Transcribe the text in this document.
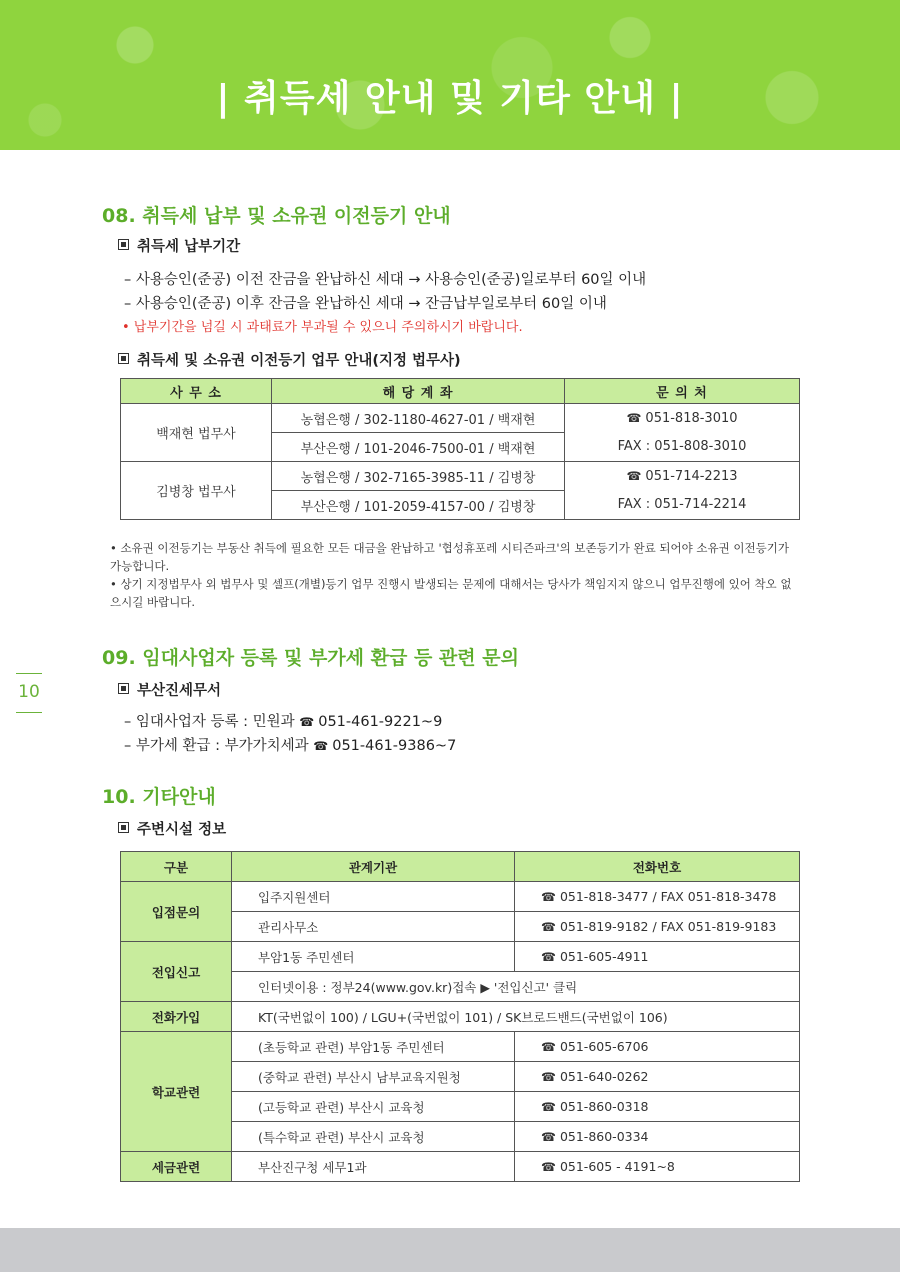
| 취득세 안내 및 기타 안내 |
10
08. 취득세 납부 및 소유권 이전등기 안내
취득세 납부기간
– 사용승인(준공) 이전 잔금을 완납하신 세대 → 사용승인(준공)일로부터 60일 이내
– 사용승인(준공) 이후 잔금을 완납하신 세대 → 잔금납부일로부터 60일 이내
• 납부기간을 넘길 시 과태료가 부과될 수 있으니 주의하시기 바랍니다.
취득세 및 소유권 이전등기 업무 안내(지정 법무사)
사 무 소	해 당 계 좌	문 의 처
백재현 법무사	농협은행 / 302-1180-4627-01 / 백재현	☎ 051-818-3010
FAX : 051-808-3010

	부산은행 / 101-2046-7500-01 / 백재현	
김병창 법무사	농협은행 / 302-7165-3985-11 / 김병창	☎ 051-714-2213
FAX : 051-714-2214

	부산은행 / 101-2059-4157-00 / 김병창	
• 소유권 이전등기는 부동산 취득에 필요한 모든 대금을 완납하고 '협성휴포레 시티즌파크'의 보존등기가 완료 되어야 소유권 이전등기가 가능합니다.
• 상기 지정법무사 외 법무사 및 셀프(개별)등기 업무 진행시 발생되는 문제에 대해서는 당사가 책임지지 않으니 업무진행에 있어 착오 없으시길 바랍니다.
09. 임대사업자 등록 및 부가세 환급 등 관련 문의
부산진세무서
– 임대사업자 등록 : 민원과 ☎ 051-461-9221~9
– 부가세 환급 : 부가가치세과 ☎ 051-461-9386~7
10. 기타안내
주변시설 정보
구분	관계기관	전화번호
입점문의	입주지원센터	☎ 051-818-3477 / FAX 051-818-3478
	관리사무소	☎ 051-819-9182 / FAX 051-819-9183
전입신고	부암1동 주민센터	☎ 051-605-4911
	인터넷이용 : 정부24(www.gov.kr)접속 ▶ '전입신고' 클릭	
전화가입	KT(국번없이 100) / LGU+(국번없이 101) / SK브로드밴드(국번없이 106)	
학교관련	(초등학교 관련) 부암1동 주민센터	☎ 051-605-6706
	(중학교 관련) 부산시 남부교육지원청	☎ 051-640-0262
	(고등학교 관련) 부산시 교육청	☎ 051-860-0318
	(특수학교 관련) 부산시 교육청	☎ 051-860-0334
세금관련	부산진구청 세무1과	☎ 051-605 - 4191~8
